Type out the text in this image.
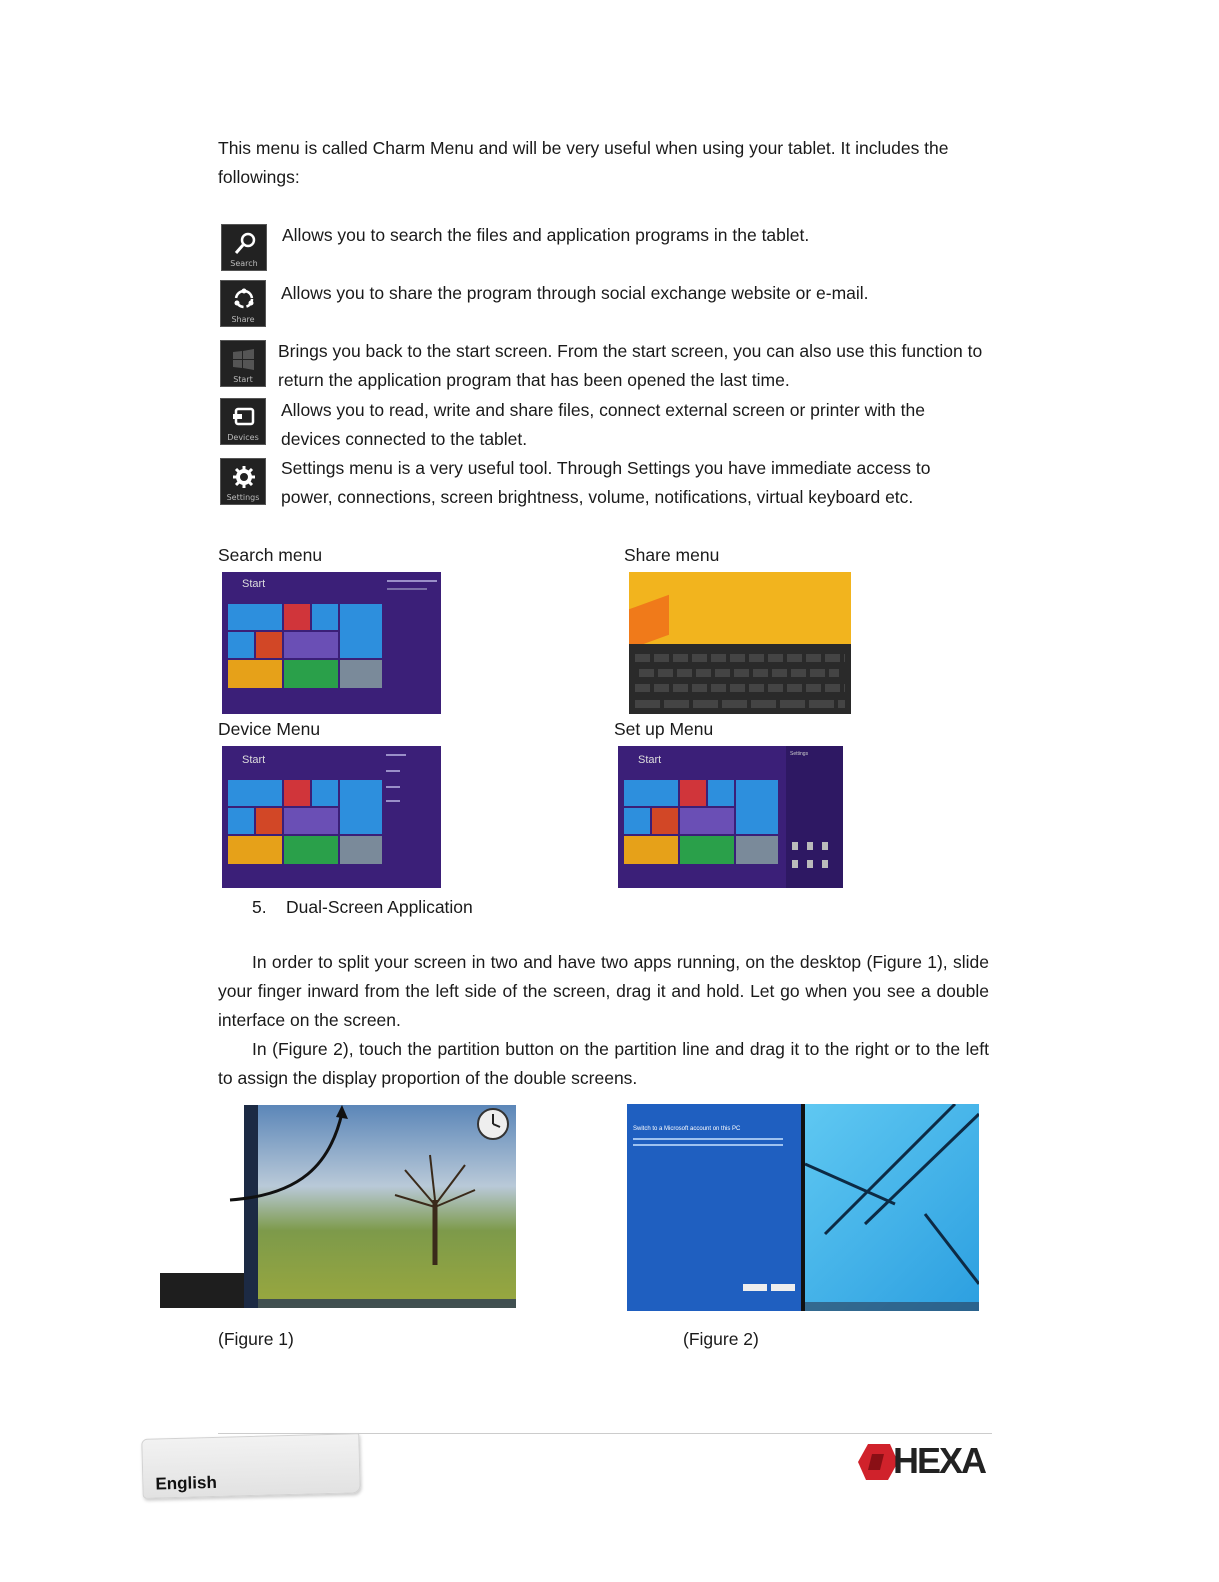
This menu is called Charm Menu and will be very useful when using your tablet. It includes the followings:
Search
Allows you to search the files and application programs in the tablet.
Share
Allows you to share the program through social exchange website or e-mail.
Start
Brings you back to the start screen. From the start screen, you can also use this function to return the application program that has been opened the last time.
Devices
Allows you to read, write and share files, connect external screen or printer with the devices connected to the tablet.
Settings
Settings menu is a very useful tool. Through Settings you have immediate access to power, connections, screen brightness, volume, notifications, virtual keyboard etc.
Search menu	Share menu
Device Menu	Set up Menu
Start
Start	Start	Settings
5. Dual-Screen Application
In order to split your screen in two and have two apps running, on the desktop (Figure 1), slide your finger inward from the left side of the screen, drag it and hold. Let go when you see a double interface on the screen.
In (Figure 2), touch the partition button on the partition line and drag it to the right or to the left to assign the display proportion of the double screens.
(Figure 1)
Switch to a Microsoft account on this PC
(Figure 2)
English
HEXA
